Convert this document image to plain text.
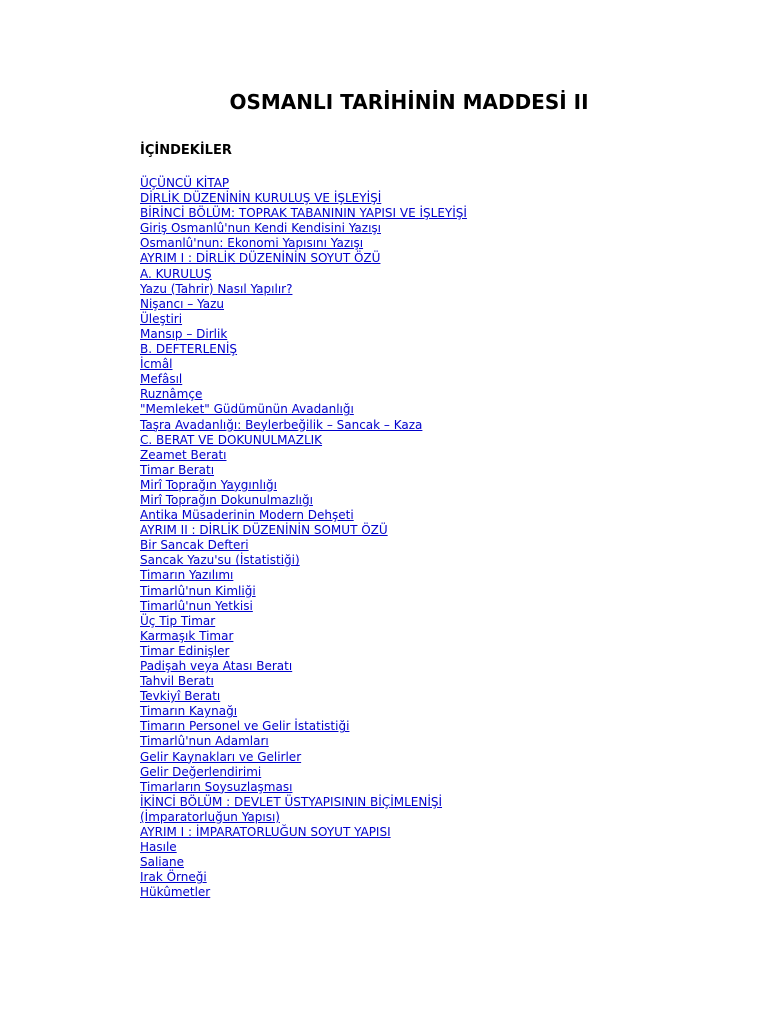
OSMANLI TARİHİNİN MADDESİ II
İÇİNDEKİLER
ÜÇÜNCÜ KİTAP
DİRLİK DÜZENİNİN KURULUŞ VE İŞLEYİŞİ
BİRİNCİ BÖLÜM: TOPRAK TABANININ YAPISI VE İŞLEYİŞİ
Giriş Osmanlû'nun Kendi Kendisini Yazışı
Osmanlû'nun: Ekonomi Yapısını Yazışı
AYRIM I : DİRLİK DÜZENİNİN SOYUT ÖZÜ
A. KURULUŞ
Yazu (Tahrir) Nasıl Yapılır?
Nişancı – Yazu
Üleştiri
Mansıp – Dirlik
B. DEFTERLENİŞ
İcmâl
Mefâsıl
Ruznâmçe
"Memleket" Güdümünün Avadanlığı
Taşra Avadanlığı: Beylerbeğilik – Sancak – Kaza
C. BERAT VE DOKUNULMAZLIK
Zeamet Beratı
Timar Beratı
Mirî Toprağın Yaygınlığı
Mirî Toprağın Dokunulmazlığı
Antika Müsaderinin Modern Dehşeti
AYRIM II : DİRLİK DÜZENİNİN SOMUT ÖZÜ
Bir Sancak Defteri
Sancak Yazu'su (İstatistiği)
Timarın Yazılımı
Timarlû'nun Kimliği
Timarlû'nun Yetkisi
Üç Tip Timar
Karmaşık Timar
Timar Edinişler
Padişah veya Atası Beratı
Tahvil Beratı
Tevkiyî Beratı
Timarın Kaynağı
Timarın Personel ve Gelir İstatistiği
Timarlû'nun Adamları
Gelir Kaynakları ve Gelirler
Gelir Değerlendirimi
Timarların Soysuzlaşması
İKİNCİ BÖLÜM : DEVLET ÜSTYAPISININ BİÇİMLENİŞİ
(İmparatorluğun Yapısı)
AYRIM I : İMPARATORLUĞUN SOYUT YAPISI
Hasıle
Saliane
Irak Örneği
Hükûmetler
